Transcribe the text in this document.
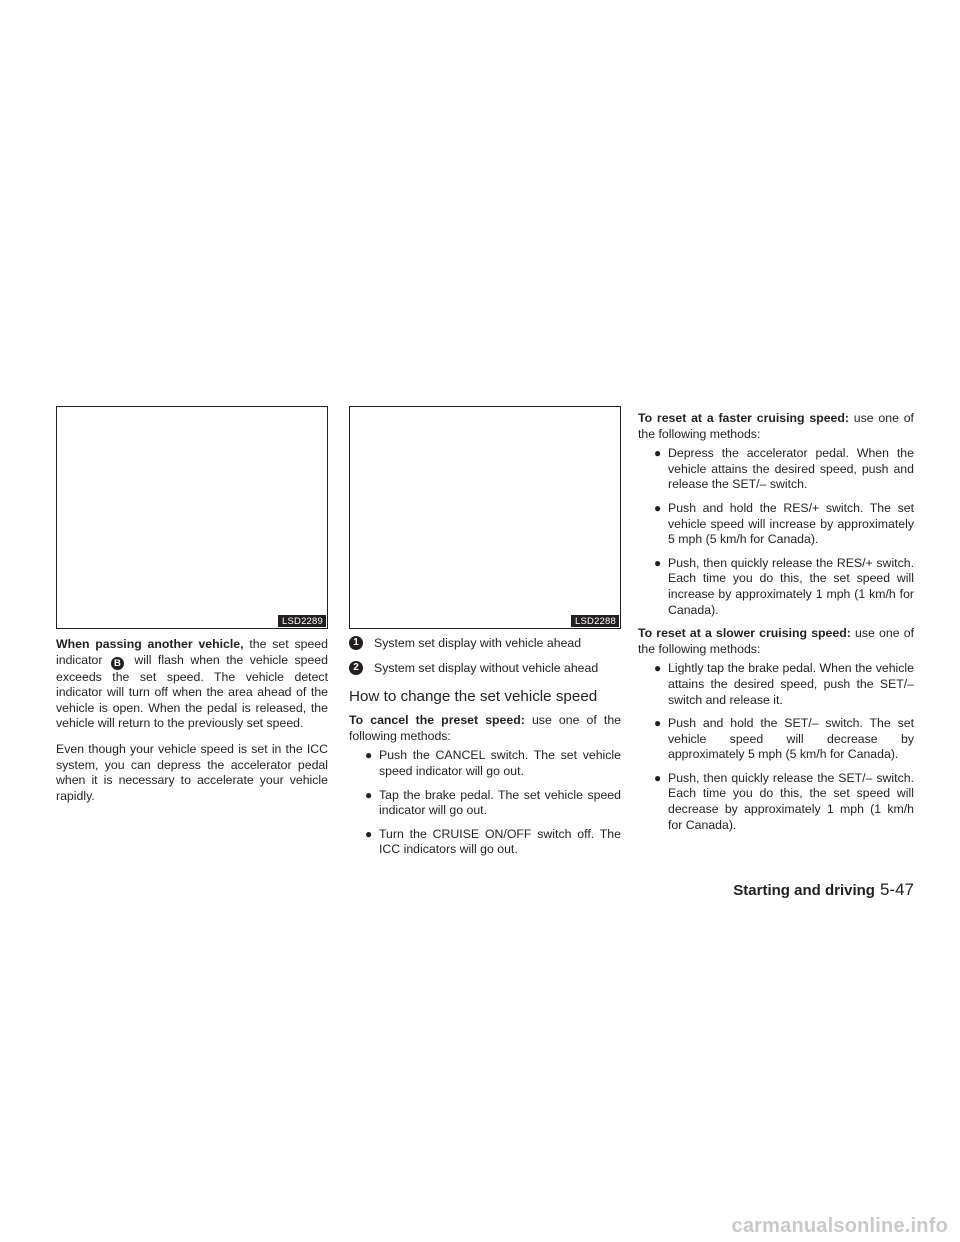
LSD2289

When passing another vehicle, the set speed indicator B will flash when the vehicle speed exceeds the set speed. The vehicle detect indicator will turn off when the area ahead of the vehicle is open. When the pedal is released, the vehicle will return to the previously set speed.

Even though your vehicle speed is set in the ICC system, you can depress the accelerator pedal when it is necessary to accelerate your vehicle rapidly.

LSD2288
1	System set display with vehicle ahead
2	System set display without vehicle ahead
How to change the set vehicle speed

To cancel the preset speed: use one of the following methods:

● Push the CANCEL switch. The set vehicle speed indicator will go out.
● Tap the brake pedal. The set vehicle speed indicator will go out.
● Turn the CRUISE ON/OFF switch off. The ICC indicators will go out.

To reset at a faster cruising speed: use one of the following methods:

● Depress the accelerator pedal. When the vehicle attains the desired speed, push and release the SET/– switch.
● Push and hold the RES/+ switch. The set vehicle speed will increase by approximately 5 mph (5 km/h for Canada).
● Push, then quickly release the RES/+ switch. Each time you do this, the set speed will increase by approximately 1 mph (1 km/h for Canada).

To reset at a slower cruising speed: use one of the following methods:

● Lightly tap the brake pedal. When the vehicle attains the desired speed, push the SET/– switch and release it.
● Push and hold the SET/– switch. The set vehicle speed will decrease by approximately 5 mph (5 km/h for Canada).
● Push, then quickly release the SET/– switch. Each time you do this, the set speed will decrease by approximately 1 mph (1 km/h for Canada).
Starting and driving 5-47
carmanualsonline.info
